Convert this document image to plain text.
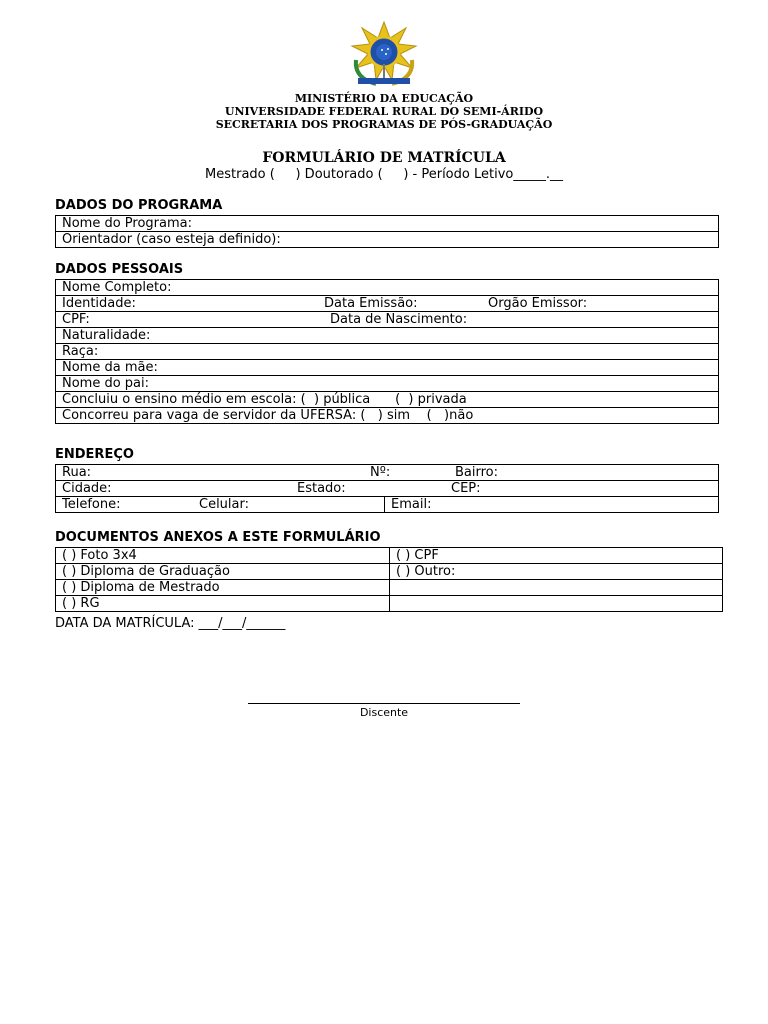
MINISTÉRIO DA EDUCAÇÃO
UNIVERSIDADE FEDERAL RURAL DO SEMI-ÁRIDO
SECRETARIA DOS PROGRAMAS DE PÓS-GRADUAÇÃO
FORMULÁRIO DE MATRÍCULA
Mestrado (     ) Doutorado (     ) - Período Letivo_____.__
DADOS DO PROGRAMA
Nome do Programa:
Orientador (caso esteja definido):
DADOS PESSOAIS
Nome Completo:

Identidade:	Data Emissão:	Orgão Emissor:

CPF:	Data de Nascimento:

Naturalidade:
Raça:
Nome da mãe:
Nome do pai:
Concluiu o ensino médio em escola: (  ) pública      (  ) privada
Concorreu para vaga de servidor da UFERSA: (   ) sim    (   )não
ENDEREÇO
Rua:	Nº:	Bairro:

Cidade:	Estado:	CEP:

Telefone:	Celular:	Email:
DOCUMENTOS ANEXOS A ESTE FORMULÁRIO
( ) Foto 3x4	( ) CPF
( ) Diploma de Graduação	( ) Outro:
( ) Diploma de Mestrado	
( ) RG	
DATA DA MATRÍCULA: ___/___/______
Discente
